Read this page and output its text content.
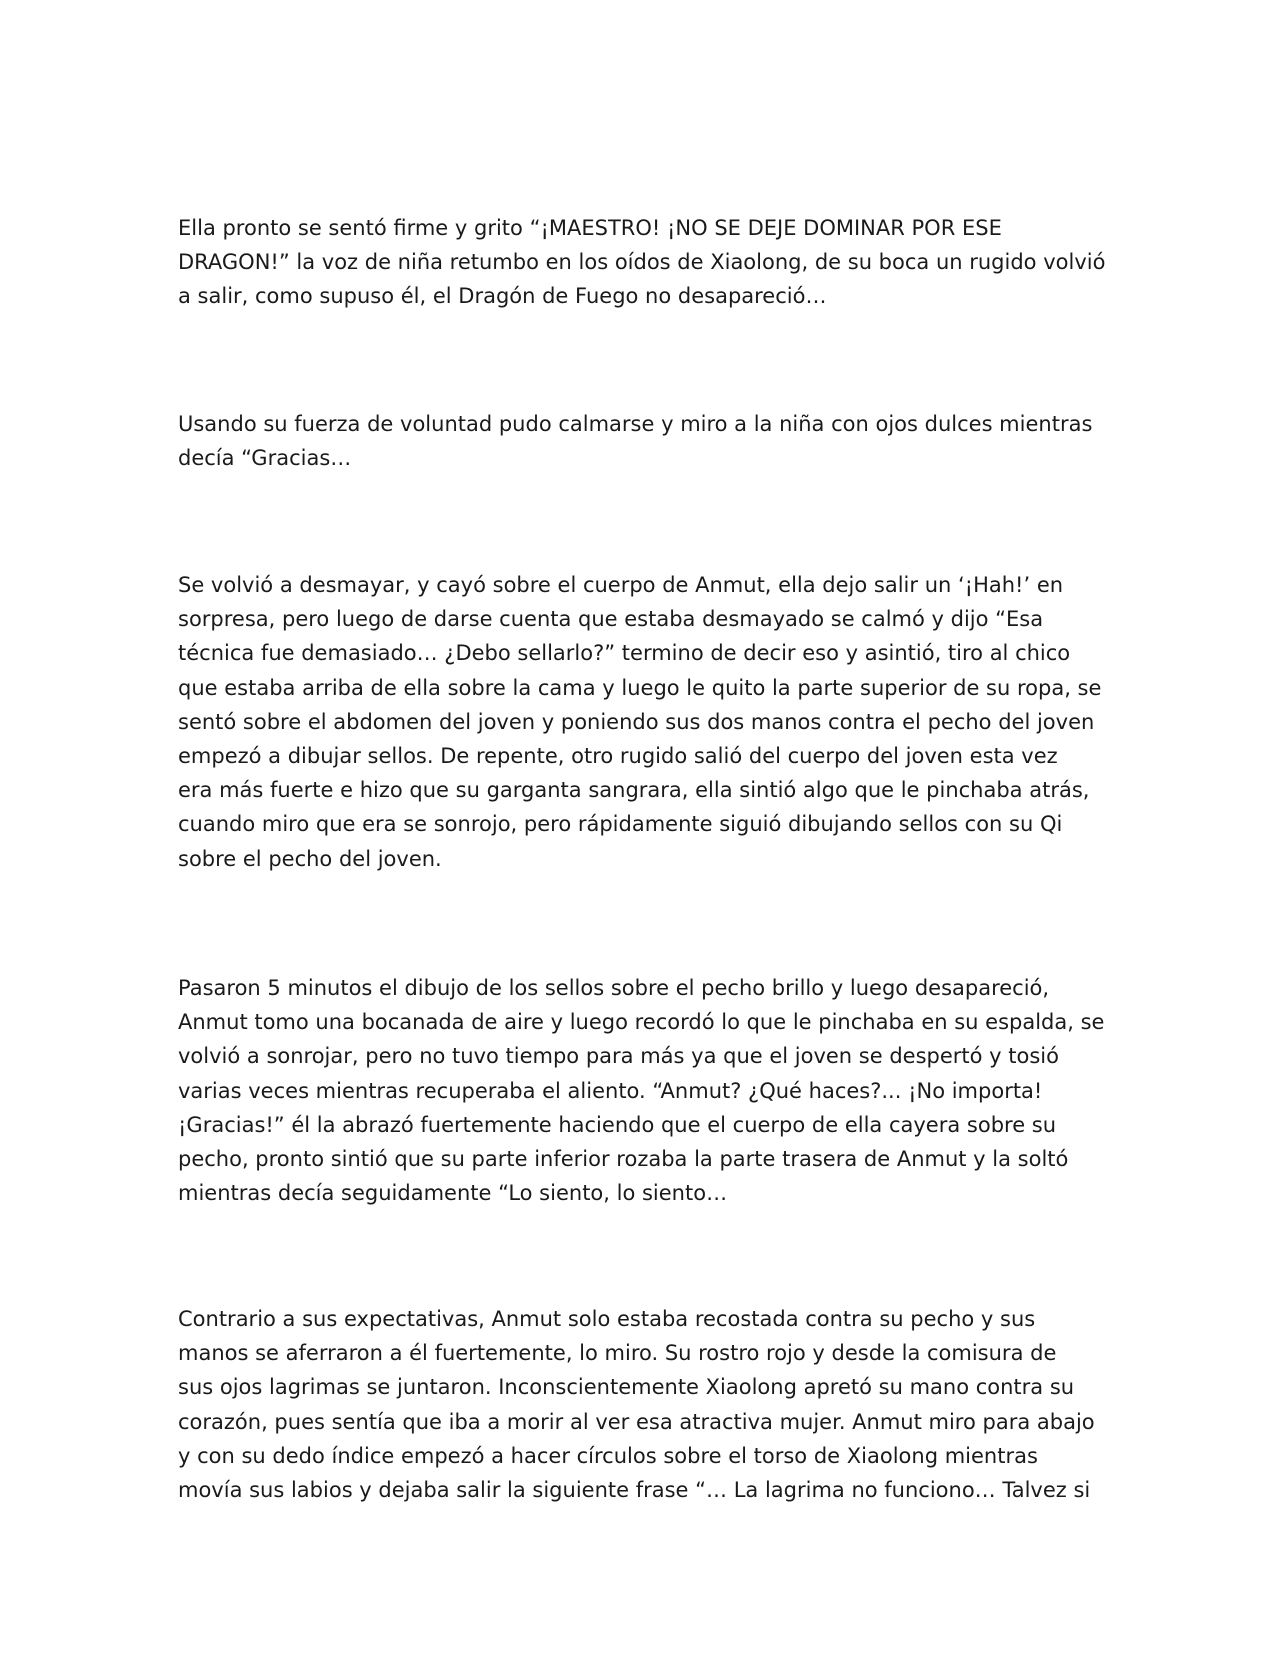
Ella pronto se sentó firme y grito “¡MAESTRO! ¡NO SE DEJE DOMINAR POR ESE
DRAGON!” la voz de niña retumbo en los oídos de Xiaolong, de su boca un rugido volvió
a salir, como supuso él, el Dragón de Fuego no desapareció…

Usando su fuerza de voluntad pudo calmarse y miro a la niña con ojos dulces mientras
decía “Gracias…

Se volvió a desmayar, y cayó sobre el cuerpo de Anmut, ella dejo salir un ‘¡Hah!’ en
sorpresa, pero luego de darse cuenta que estaba desmayado se calmó y dijo “Esa
técnica fue demasiado… ¿Debo sellarlo?” termino de decir eso y asintió, tiro al chico
que estaba arriba de ella sobre la cama y luego le quito la parte superior de su ropa, se
sentó sobre el abdomen del joven y poniendo sus dos manos contra el pecho del joven
empezó a dibujar sellos. De repente, otro rugido salió del cuerpo del joven esta vez
era más fuerte e hizo que su garganta sangrara, ella sintió algo que le pinchaba atrás,
cuando miro que era se sonrojo, pero rápidamente siguió dibujando sellos con su Qi
sobre el pecho del joven.

Pasaron 5 minutos el dibujo de los sellos sobre el pecho brillo y luego desapareció,
Anmut tomo una bocanada de aire y luego recordó lo que le pinchaba en su espalda, se
volvió a sonrojar, pero no tuvo tiempo para más ya que el joven se despertó y tosió
varias veces mientras recuperaba el aliento. “Anmut? ¿Qué haces?... ¡No importa!
¡Gracias!” él la abrazó fuertemente haciendo que el cuerpo de ella cayera sobre su
pecho, pronto sintió que su parte inferior rozaba la parte trasera de Anmut y la soltó
mientras decía seguidamente “Lo siento, lo siento…

Contrario a sus expectativas, Anmut solo estaba recostada contra su pecho y sus
manos se aferraron a él fuertemente, lo miro. Su rostro rojo y desde la comisura de
sus ojos lagrimas se juntaron. Inconscientemente Xiaolong apretó su mano contra su
corazón, pues sentía que iba a morir al ver esa atractiva mujer. Anmut miro para abajo
y con su dedo índice empezó a hacer círculos sobre el torso de Xiaolong mientras
movía sus labios y dejaba salir la siguiente frase “… La lagrima no funciono… Talvez si
